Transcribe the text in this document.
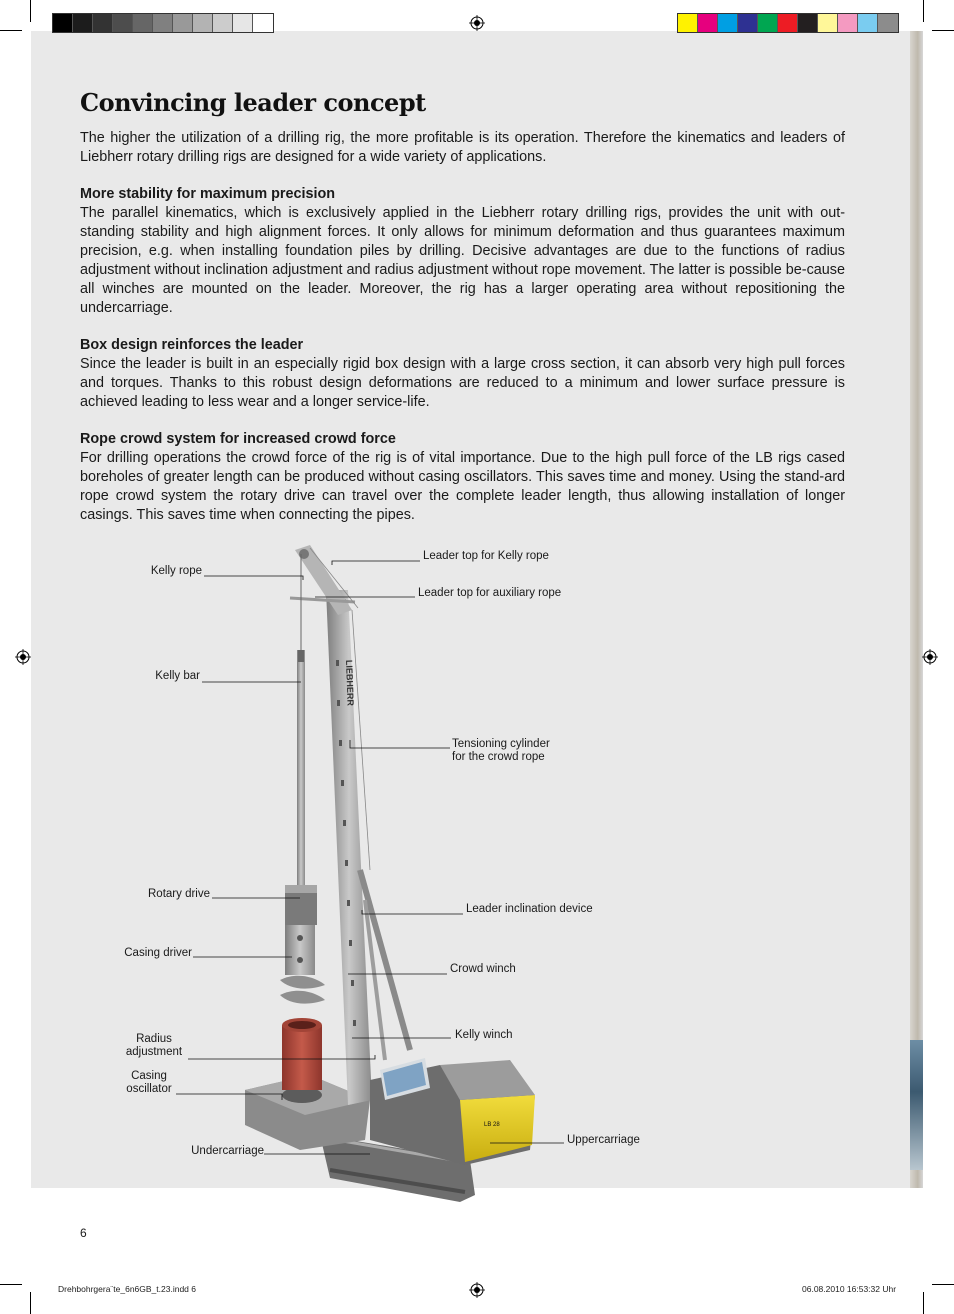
Convincing leader concept

The higher the utilization of a drilling rig, the more profitable is its operation. Therefore the kinematics and leaders of Liebherr rotary drilling rigs are designed for a wide variety of applications.

More stability for maximum precision

The parallel kinematics, which is exclusively applied in the Liebherr rotary drilling rigs, provides the unit with out-standing stability and high alignment forces. It only allows for minimum deformation and thus guarantees maximum precision, e.g. when installing foundation piles by drilling. Decisive advantages are due to the functions of radius adjustment without inclination adjustment and radius adjustment without rope movement. The latter is possible be-cause all winches are mounted on the leader. Moreover, the rig has a larger operating area without repositioning the undercarriage.

Box design reinforces the leader

Since the leader is built in an especially rigid box design with a large cross section, it can absorb very high pull forces and torques. Thanks to this robust design deformations are reduced to a minimum and lower surface pressure is achieved leading to less wear and a longer service-life.

Rope crowd system for increased crowd force

For drilling operations the crowd force of the rig is of vital importance. Due to the high pull force of the LB rigs cased boreholes of greater length can be produced without casing oscillators. This saves time and money. Using the stand-ard rope crowd system the rotary drive can travel over the complete leader length, thus allowing installation of longer casings. This saves time when connecting the pipes.

LIEBHERR
LB 28
Kelly rope
Kelly bar
Rotary drive
Casing driver
Radius
adjustment
Casing
oscillator
Undercarriage
Leader top for Kelly rope
Leader top for auxiliary rope
Tensioning cylinder
for the crowd rope
Leader inclination device
Crowd winch
Kelly winch
Uppercarriage
6
Drehbohrgera¨te_6n6GB_t.23.indd 6	06.08.2010 16:53:32 Uhr
